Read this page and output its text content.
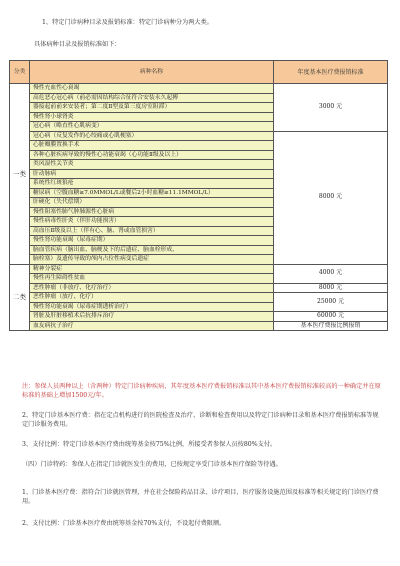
1、特定门诊病种目录及报销标准：特定门诊病种分为两大类。
具体病种目录及报销标准如下：
分类	病种名称	年度基本医疗费报销标准
一类	慢性充血性心衰竭	3000 元
	高危恶心冠心病（前必需因结构综合征符合安装永久起搏	
	器接起前前来安装者；第二度Ⅱ型及第三度房室阻滞）	
	慢性肾小球肾炎	
	冠心病（略直性心肌病变）	
	冠心病（反复发作的心绞痛或心肌梗塞）	8000 元
	心脏瓣膜置换手术	
	各种心脏疾病导致的慢性心功能衰竭（心功能Ⅱ级及以上）	
	类风湿性关节炎	
	肝动脉病	
	系统性红斑狼疮	
	糖尿病（空腹血糖≥7.0MMOL/L或餐后2小时血糖≥11.1MMOL/L）	
	肝硬化（失代偿期）	
	慢性阻塞性肺气肿肺源性心脏病	
	慢性病毒性肝炎（伴肝功能损害）	
	高血压Ⅱ级及以上（伴有心、脑、肾或血管损害）	
	慢性肾功能衰竭（尿毒症期）	
	脑血管疾病（脑出血、脑梗及下的后遗症、脑血栓形成、	
	脑栓塞）及遗传导致的颅内占位性病变后遗症	
二类	精神分裂症	4000 元
	慢性再生障碍性贫血	
	恶性肿瘤（非放疗、化疗治疗）	8000 元
	恶性肿瘤（放疗、化疗）	25000 元
	慢性肾功能衰竭（尿毒症期透析治疗）	
	肾脏及肝脏移植术后抗排斥治疗	60000 元
	血友病抗子治疗	基本医疗费报比例报销
注：参保人员两种以上（含两种）特定门诊病种疾病，其年度基本医疗费报销标准以其中基本医疗费报销标准较高的一种确定并在原标准的基础上增加1500元/年。
2、特定门诊基本医疗费：指在定点机构进行的医院检查及治疗、诊断和检查费用以及特定门诊病种目录和基本医疗费报销标准等规定门诊服务费用。
3、支付比例：特定门诊基本医疗费由统筹基金按75%比例，所接受者参保人员按80%支付。
（四）门诊特药：参保人在指定门诊就医发生的费用，已按规定享受门诊基本医疗保险等待遇。
1、门诊基本医疗费：指符合门诊就医管理，并在社会保险药品目录、诊疗项目、医疗服务设施范围及标准等相关规定的门诊医疗费用。
2、支付比例：门诊基本医疗费由统筹基金按70%支付，不设起付费限额。
